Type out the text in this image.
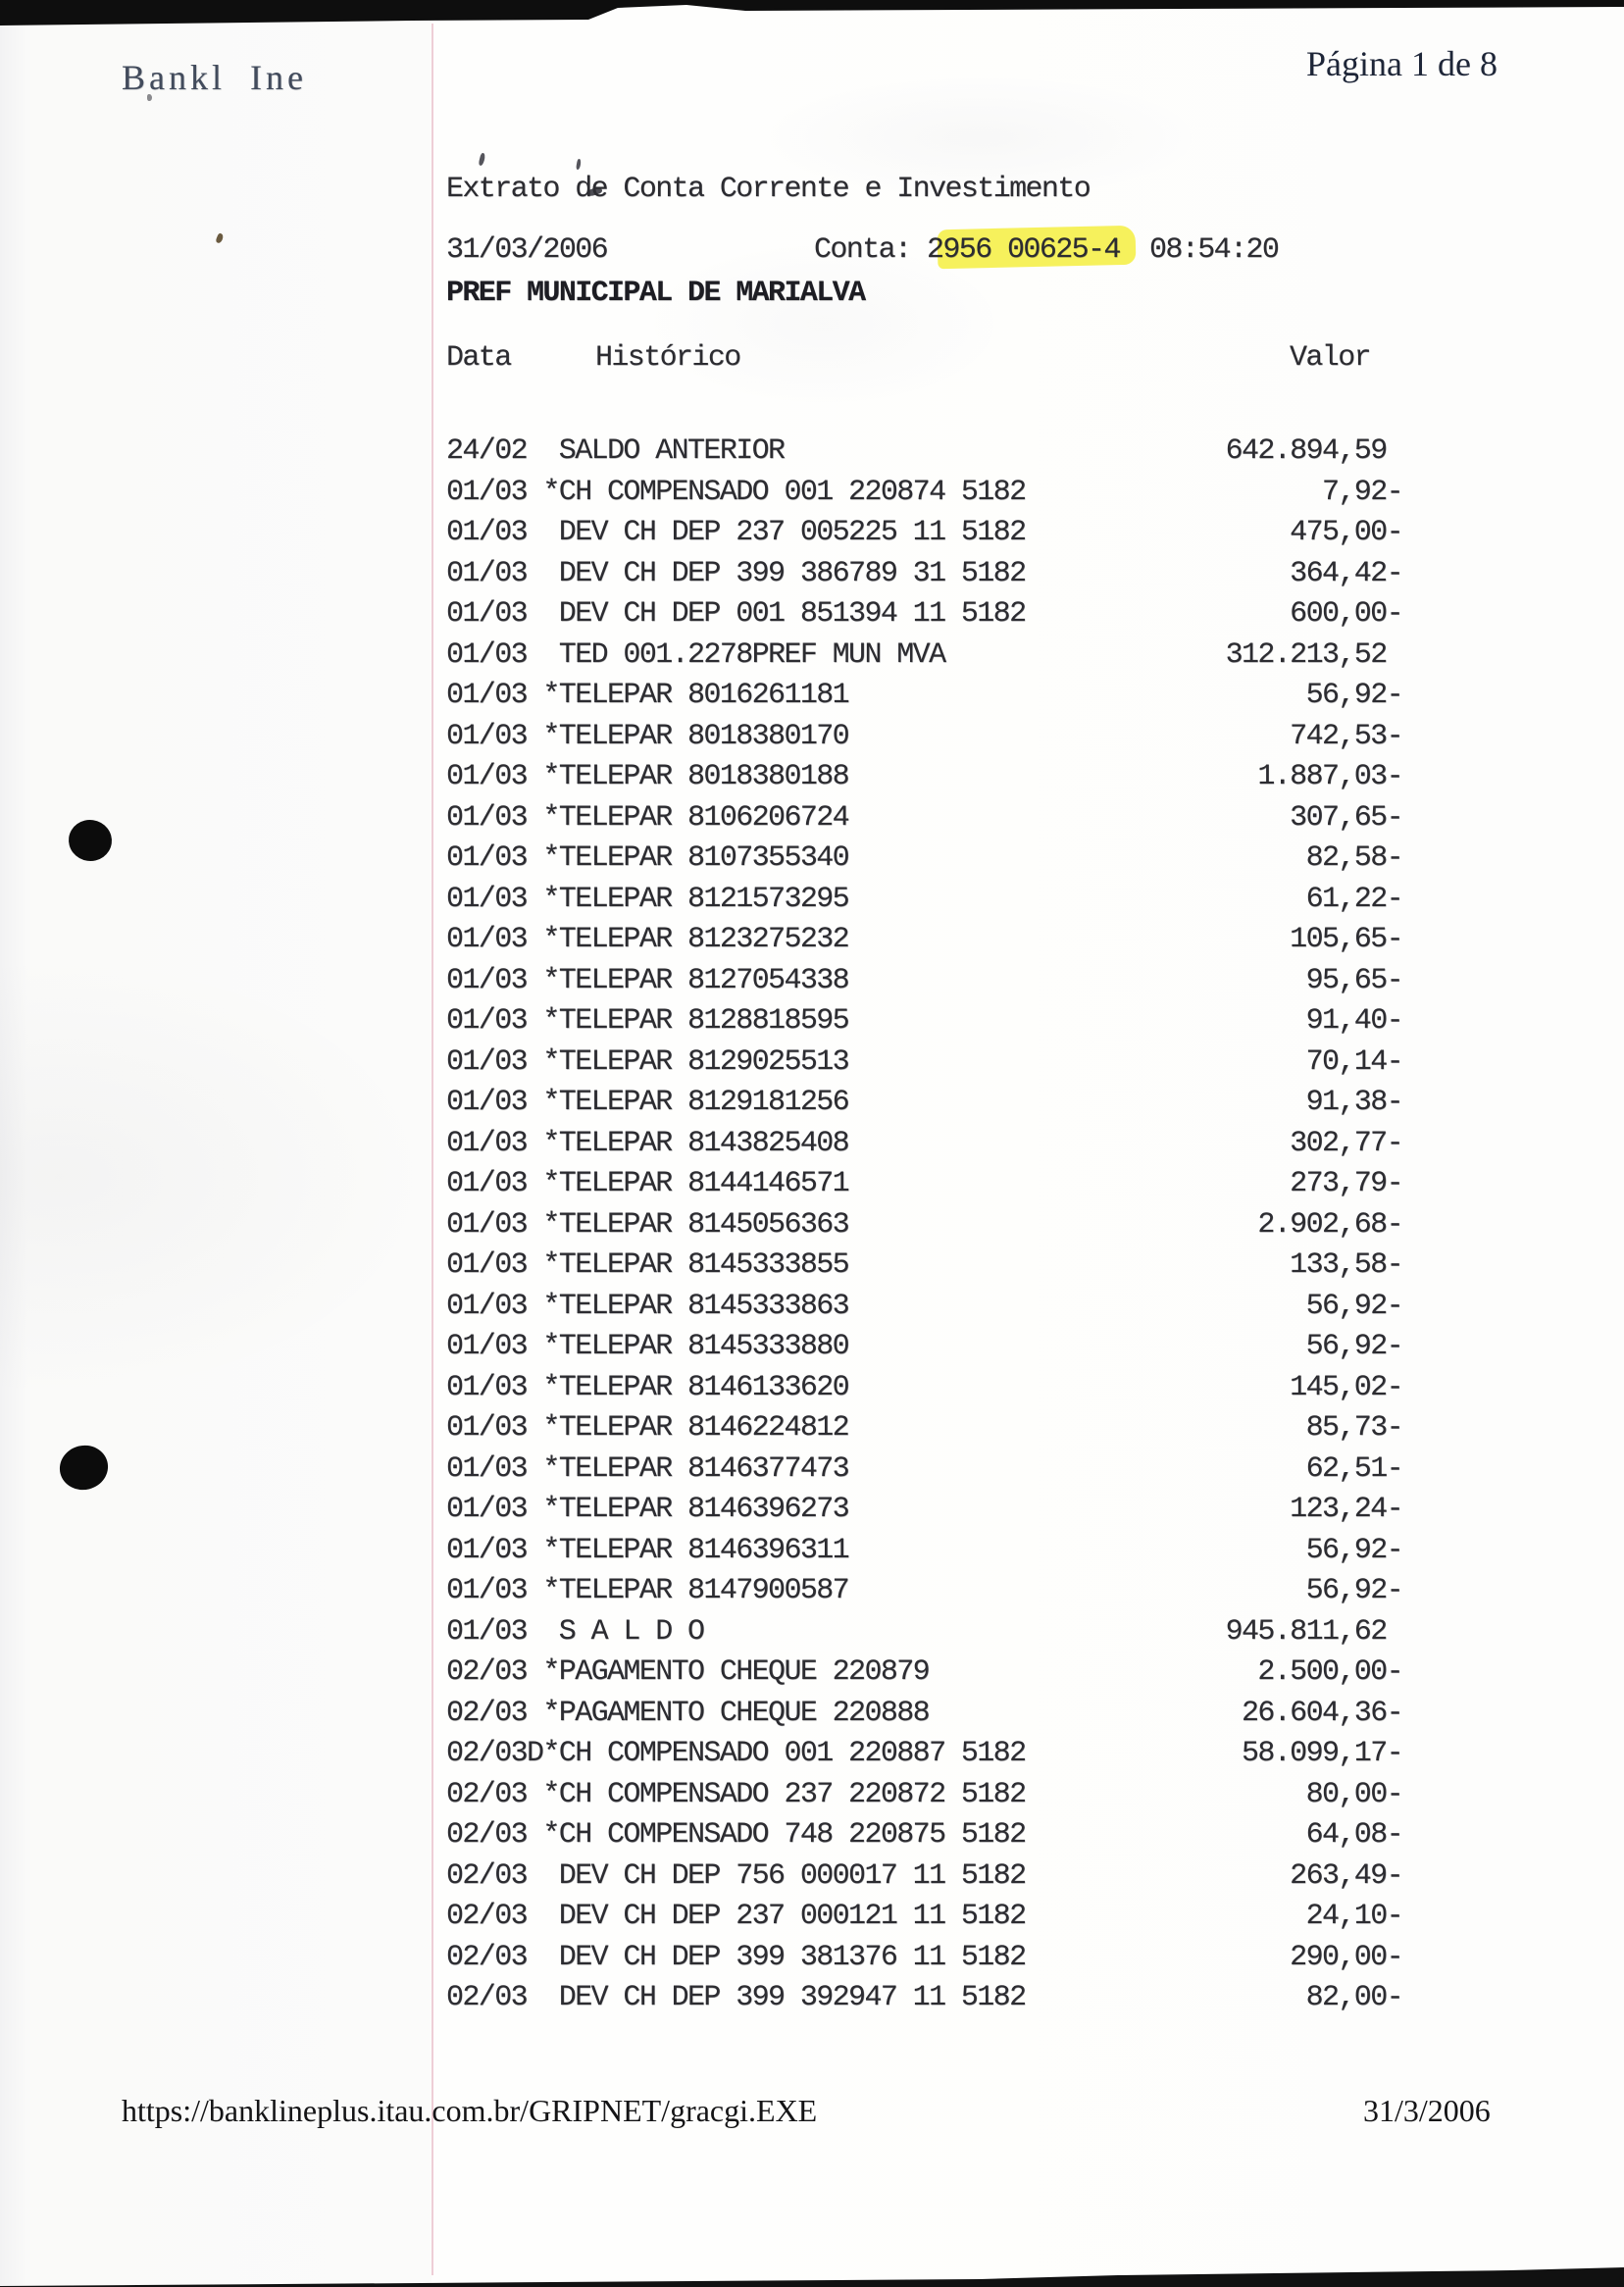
Bankl Ine	Página 1 de 8
Extrato de Conta Corrente e Investimento
31/03/2006	Conta: 2956 00625-4 08:54:20
PREF MUNICIPAL DE MARIALVA
Data	Histórico	Valor
24/02 SALDO ANTERIOR	642.894,59
01/03 *CH COMPENSADO 001 220874 5182	7,92-
01/03 DEV CH DEP 237 005225 11 5182	475,00-
01/03 DEV CH DEP 399 386789 31 5182	364,42-
01/03 DEV CH DEP 001 851394 11 5182	600,00-
01/03 TED 001.2278PREF MUN MVA	312.213,52
01/03 *TELEPAR 8016261181	56,92-
01/03 *TELEPAR 8018380170	742,53-
01/03 *TELEPAR 8018380188	1.887,03-
01/03 *TELEPAR 8106206724	307,65-
01/03 *TELEPAR 8107355340	82,58-
01/03 *TELEPAR 8121573295	61,22-
01/03 *TELEPAR 8123275232	105,65-
01/03 *TELEPAR 8127054338	95,65-
01/03 *TELEPAR 8128818595	91,40-
01/03 *TELEPAR 8129025513	70,14-
01/03 *TELEPAR 8129181256	91,38-
01/03 *TELEPAR 8143825408	302,77-
01/03 *TELEPAR 8144146571	273,79-
01/03 *TELEPAR 8145056363	2.902,68-
01/03 *TELEPAR 8145333855	133,58-
01/03 *TELEPAR 8145333863	56,92-
01/03 *TELEPAR 8145333880	56,92-
01/03 *TELEPAR 8146133620	145,02-
01/03 *TELEPAR 8146224812	85,73-
01/03 *TELEPAR 8146377473	62,51-
01/03 *TELEPAR 8146396273	123,24-
01/03 *TELEPAR 8146396311	56,92-
01/03 *TELEPAR 8147900587	56,92-
01/03 S A L D O	945.811,62
02/03 *PAGAMENTO CHEQUE 220879	2.500,00-
02/03 *PAGAMENTO CHEQUE 220888	26.604,36-
02/03 D*CH COMPENSADO 001 220887 5182	58.099,17-
02/03 *CH COMPENSADO 237 220872 5182	80,00-
02/03 *CH COMPENSADO 748 220875 5182	64,08-
02/03 DEV CH DEP 756 000017 11 5182	263,49-
02/03 DEV CH DEP 237 000121 11 5182	24,10-
02/03 DEV CH DEP 399 381376 11 5182	290,00-
02/03 DEV CH DEP 399 392947 11 5182	82,00-
https://banklineplus.itau.com.br/GRIPNET/gracgi.EXE	31/3/2006
